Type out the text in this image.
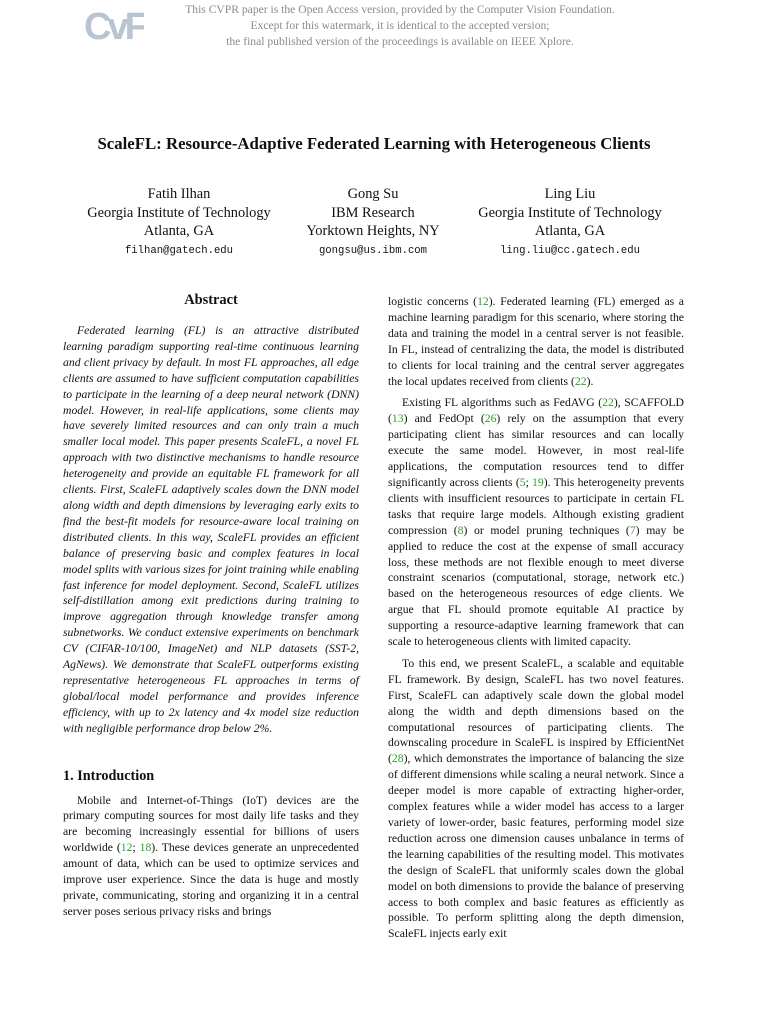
CvF	This CVPR paper is the Open Access version, provided by the Computer Vision Foundation.
Except for this watermark, it is identical to the accepted version;
the final published version of the proceedings is available on IEEE Xplore.
ScaleFL: Resource-Adaptive Federated Learning with Heterogeneous Clients
Fatih Ilhan
Georgia Institute of Technology
Atlanta, GA
filhan@gatech.edu
Gong Su
IBM Research
Yorktown Heights, NY
gongsu@us.ibm.com
Ling Liu
Georgia Institute of Technology
Atlanta, GA
ling.liu@cc.gatech.edu
Abstract

Federated learning (FL) is an attractive distributed learning paradigm supporting real-time continuous learning and client privacy by default. In most FL approaches, all edge clients are assumed to have sufficient computation capabilities to participate in the learning of a deep neural network (DNN) model. However, in real-life applications, some clients may have severely limited resources and can only train a much smaller local model. This paper presents ScaleFL, a novel FL approach with two distinctive mechanisms to handle resource heterogeneity and provide an equitable FL framework for all clients. First, ScaleFL adaptively scales down the DNN model along width and depth dimensions by leveraging early exits to find the best-fit models for resource-aware local training on distributed clients. In this way, ScaleFL provides an efficient balance of preserving basic and complex features in local model splits with various sizes for joint training while enabling fast inference for model deployment. Second, ScaleFL utilizes self-distillation among exit predictions during training to improve aggregation through knowledge transfer among subnetworks. We conduct extensive experiments on benchmark CV (CIFAR-10/100, ImageNet) and NLP datasets (SST-2, AgNews). We demonstrate that ScaleFL outperforms existing representative heterogeneous FL approaches in terms of global/local model performance and provides inference efficiency, with up to 2x latency and 4x model size reduction with negligible performance drop below 2%.

1. Introduction

Mobile and Internet-of-Things (IoT) devices are the primary computing sources for most daily life tasks and they are becoming increasingly essential for billions of users worldwide (12; 18). These devices generate an unprecedented amount of data, which can be used to optimize services and improve user experience. Since the data is huge and mostly private, communicating, storing and organizing it in a central server poses serious privacy risks and brings

logistic concerns (12). Federated learning (FL) emerged as a machine learning paradigm for this scenario, where storing the data and training the model in a central server is not feasible. In FL, instead of centralizing the data, the model is distributed to clients for local training and the central server aggregates the local updates received from clients (22).

Existing FL algorithms such as FedAVG (22), SCAFFOLD (13) and FedOpt (26) rely on the assumption that every participating client has similar resources and can locally execute the same model. However, in most real-life applications, the computation resources tend to differ significantly across clients (5; 19). This heterogeneity prevents clients with insufficient resources to participate in certain FL tasks that require large models. Although existing gradient compression (8) or model pruning techniques (7) may be applied to reduce the cost at the expense of small accuracy loss, these methods are not flexible enough to meet diverse constraint scenarios (computational, storage, network etc.) based on the heterogeneous resources of edge clients. We argue that FL should promote equitable AI practice by supporting a resource-adaptive learning framework that can scale to heterogeneous clients with limited capacity.

To this end, we present ScaleFL, a scalable and equitable FL framework. By design, ScaleFL has two novel features. First, ScaleFL can adaptively scale down the global model along the width and depth dimensions based on the computational resources of participating clients. The downscaling procedure in ScaleFL is inspired by EfficientNet (28), which demonstrates the importance of balancing the size of different dimensions while scaling a neural network. Since a deeper model is more capable of extracting higher-order, complex features while a wider model has access to a larger variety of lower-order, basic features, performing model size reduction across one dimension causes unbalance in terms of the learning capabilities of the resulting model. This motivates the design of ScaleFL that uniformly scales down the global model on both dimensions to provide the balance of preserving access to both complex and basic features as efficiently as possible. To perform splitting along the depth dimension, ScaleFL injects early exit
